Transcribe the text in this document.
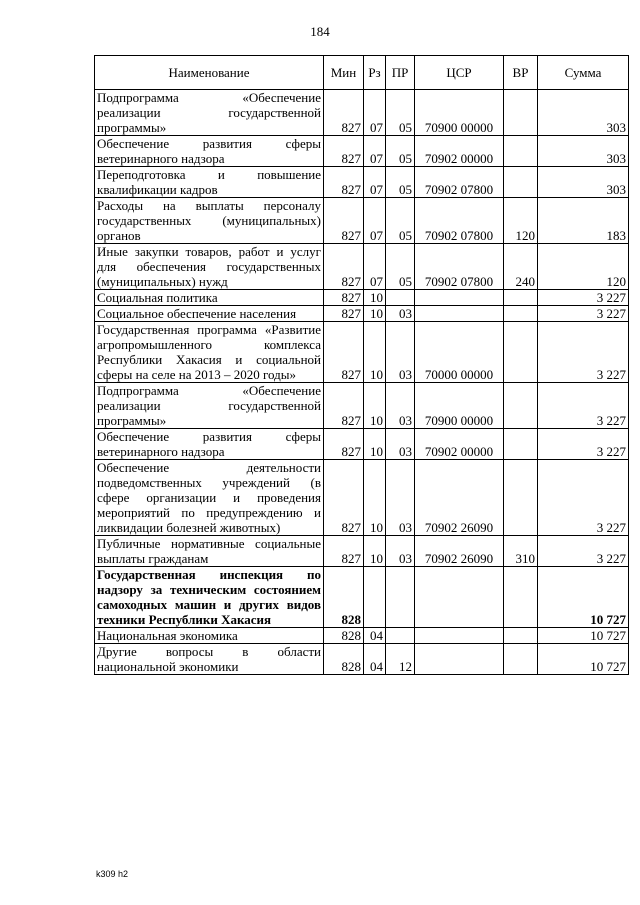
184
Наименование	Мин	Рз	ПР	ЦСР	ВР	Сумма
Подпрограмма «Обеспечение реализации государственной программы»	827	07	05	70900 00000		303
Обеспечение развития сферы ветеринарного надзора	827	07	05	70902 00000		303
Переподготовка и повышение квалификации кадров	827	07	05	70902 07800		303
Расходы на выплаты персоналу государственных (муниципальных) органов	827	07	05	70902 07800	120	183
Иные закупки товаров, работ и услуг для обеспечения государственных (муниципальных) нужд	827	07	05	70902 07800	240	120
Социальная политика	827	10				3 227
Социальное обеспечение населения	827	10	03			3 227
Государственная программа «Развитие агропромышленного комплекса Республики Хакасия и социальной сферы на селе на 2013 – 2020 годы»	827	10	03	70000 00000		3 227
Подпрограмма «Обеспечение реализации государственной программы»	827	10	03	70900 00000		3 227
Обеспечение развития сферы ветеринарного надзора	827	10	03	70902 00000		3 227
Обеспечение деятельности подведомственных учреждений (в сфере организации и проведения мероприятий по предупреждению и ликвидации болезней животных)	827	10	03	70902 26090		3 227
Публичные нормативные социальные выплаты гражданам	827	10	03	70902 26090	310	3 227
Государственная инспекция по надзору за техническим состоянием самоходных машин и других видов техники Республики Хакасия	828					10 727
Национальная экономика	828	04				10 727
Другие вопросы в области национальной экономики	828	04	12			10 727
k309 h2
